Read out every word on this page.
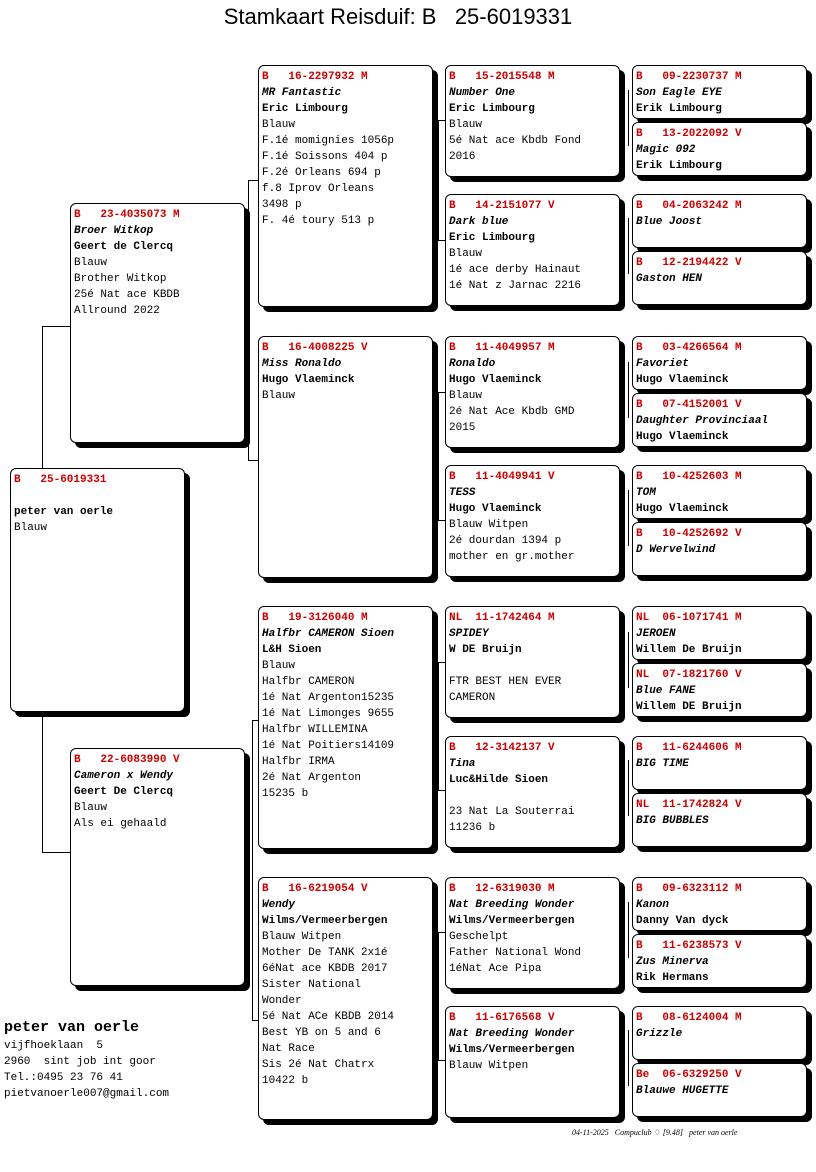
Stamkaart Reisduif: B   25-6019331
B   25-6019331

peter van oerle
Blauw
B   23-4035073 M
Broer Witkop
Geert de Clercq
Blauw
Brother Witkop
25é Nat ace KBDB
Allround 2022
B   22-6083990 V
Cameron x Wendy
Geert De Clercq
Blauw
Als ei gehaald
B   16-2297932 M
MR Fantastic
Eric Limbourg
Blauw
F.1é momignies 1056p
F.1é Soissons 404 p
F.2é Orleans 694 p
f.8 Iprov Orleans
3498 p
F. 4é toury 513 p
B   16-4008225 V
Miss Ronaldo
Hugo Vlaeminck
Blauw
B   19-3126040 M
Halfbr CAMERON Sioen
L&H Sioen
Blauw
Halfbr CAMERON
1é Nat Argenton15235
1é Nat Limonges 9655
Halfbr WILLEMINA
1é Nat Poitiers14109
Halfbr IRMA
2é Nat Argenton
15235 b
B   16-6219054 V
Wendy
Wilms/Vermeerbergen
Blauw Witpen
Mother De TANK 2x1é
6éNat ace KBDB 2017
Sister National
Wonder
5é Nat ACe KBDB 2014
Best YB on 5 and 6
Nat Race
Sis 2é Nat Chatrx
10422 b
B   15-2015548 M
Number One
Eric Limbourg
Blauw
5é Nat ace Kbdb Fond
2016
B   14-2151077 V
Dark blue
Eric Limbourg
Blauw
1é ace derby Hainaut
1é Nat z Jarnac 2216
B   11-4049957 M
Ronaldo
Hugo Vlaeminck
Blauw
2é Nat Ace Kbdb GMD
2015
B   11-4049941 V
TESS
Hugo Vlaeminck
Blauw Witpen
2é dourdan 1394 p
mother en gr.mother
NL  11-1742464 M
SPIDEY
W DE Bruijn

FTR BEST HEN EVER
CAMERON
B   12-3142137 V
Tina
Luc&Hilde Sioen

23 Nat La Souterrai
11236 b
B   12-6319030 M
Nat Breeding Wonder
Wilms/Vermeerbergen
Geschelpt
Father National Wond
1éNat Ace Pipa
B   11-6176568 V
Nat Breeding Wonder
Wilms/Vermeerbergen
Blauw Witpen
B   09-2230737 M
Son Eagle EYE
Erik Limbourg
B   13-2022092 V
Magic 092
Erik Limbourg
B   04-2063242 M
Blue Joost
B   12-2194422 V
Gaston HEN
B   03-4266564 M
Favoriet
Hugo Vlaeminck
B   07-4152001 V
Daughter Provinciaal
Hugo Vlaeminck
B   10-4252603 M
TOM
Hugo Vlaeminck
B   10-4252692 V
D Wervelwind
NL  06-1071741 M
JEROEN
Willem De Bruijn
NL  07-1821760 V
Blue FANE
Willem DE Bruijn
B   11-6244606 M
BIG TIME
NL  11-1742824 V
BIG BUBBLES
B   09-6323112 M
Kanon
Danny Van dyck
B   11-6238573 V
Zus Minerva
Rik Hermans
B   08-6124004 M
Grizzle
Be  06-6329250 V
Blauwe HUGETTE
peter van oerle
vijfhoeklaan  5
2960  sint job int goor
Tel.:0495 23 76 41
pietvanoerle007@gmail.com
04-11-2025   Compuclub ♢ [9.48]   peter van oerle
